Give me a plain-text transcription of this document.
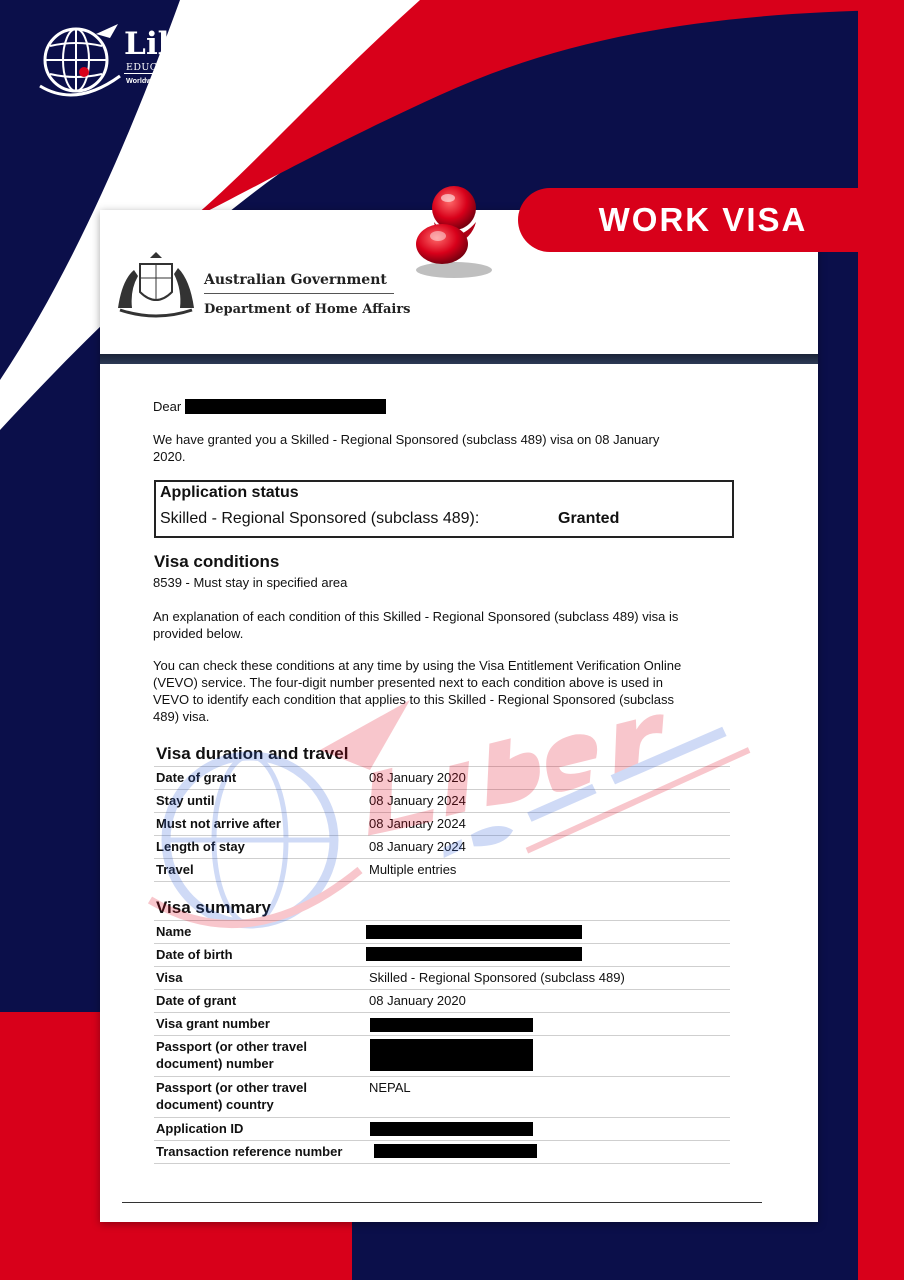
Liberians
EDUCATION CONSULTANCY
Worldwide Education and Immigration Services.
Australian Government
Department of Home Affairs
Dear
We have granted you a Skilled - Regional Sponsored (subclass 489) visa on 08 January
2020.
Application status
Skilled - Regional Sponsored (subclass 489):	Granted
Visa conditions
8539 - Must stay in specified area
An explanation of each condition of this Skilled - Regional Sponsored (subclass 489) visa is
provided below.
You can check these conditions at any time by using the Visa Entitlement Verification Online
(VEVO) service. The four-digit number presented next to each condition above is used in
VEVO to identify each condition that applies to this Skilled - Regional Sponsored (subclass
489) visa.
Visa duration and travel
Date of grant	08 January 2020
Stay until	08 January 2024
Must not arrive after	08 January 2024
Length of stay	08 January 2024
Travel	Multiple entries
Visa summary
Name
Date of birth
Visa	Skilled - Regional Sponsored (subclass 489)
Date of grant	08 January 2020
Visa grant number
Passport (or other travel
document) number
Passport (or other travel
document) country
NEPAL
Application ID
Transaction reference number
WORK VISA
